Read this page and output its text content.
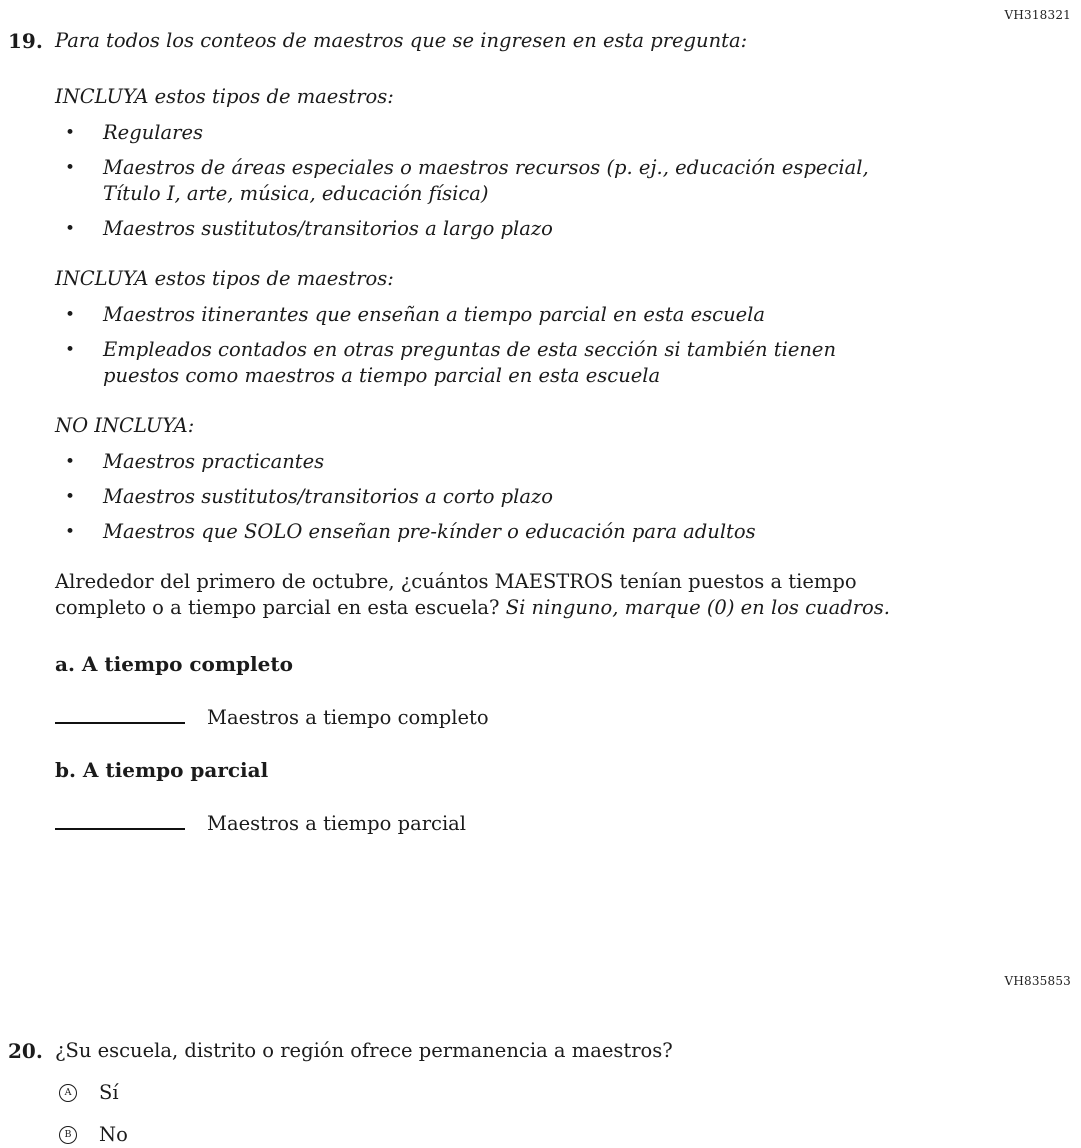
VH318321
19. Para todos los conteos de maestros que se ingresen en esta pregunta:

INCLUYA estos tipos de maestros:

•	Regulares
•	Maestros de áreas especiales o maestros recursos (p. ej., educación especial, Título I, arte, música, educación física)
•	Maestros sustitutos/transitorios a largo plazo

INCLUYA estos tipos de maestros:

•	Maestros itinerantes que enseñan a tiempo parcial en esta escuela
•	Empleados contados en otras preguntas de esta sección si también tienen puestos como maestros a tiempo parcial en esta escuela

NO INCLUYA:

•	Maestros practicantes
•	Maestros sustitutos/transitorios a corto plazo
•	Maestros que SOLO enseñan pre-kínder o educación para adultos

Alrededor del primero de octubre, ¿cuántos MAESTROS tenían puestos a tiempo completo o a tiempo parcial en esta escuela? Si ninguno, marque (0) en los cuadros.

a. A tiempo completo

Maestros a tiempo completo

b. A tiempo parcial

Maestros a tiempo parcial
VH835853
20. ¿Su escuela, distrito o región ofrece permanencia a maestros?

A Sí
B No
